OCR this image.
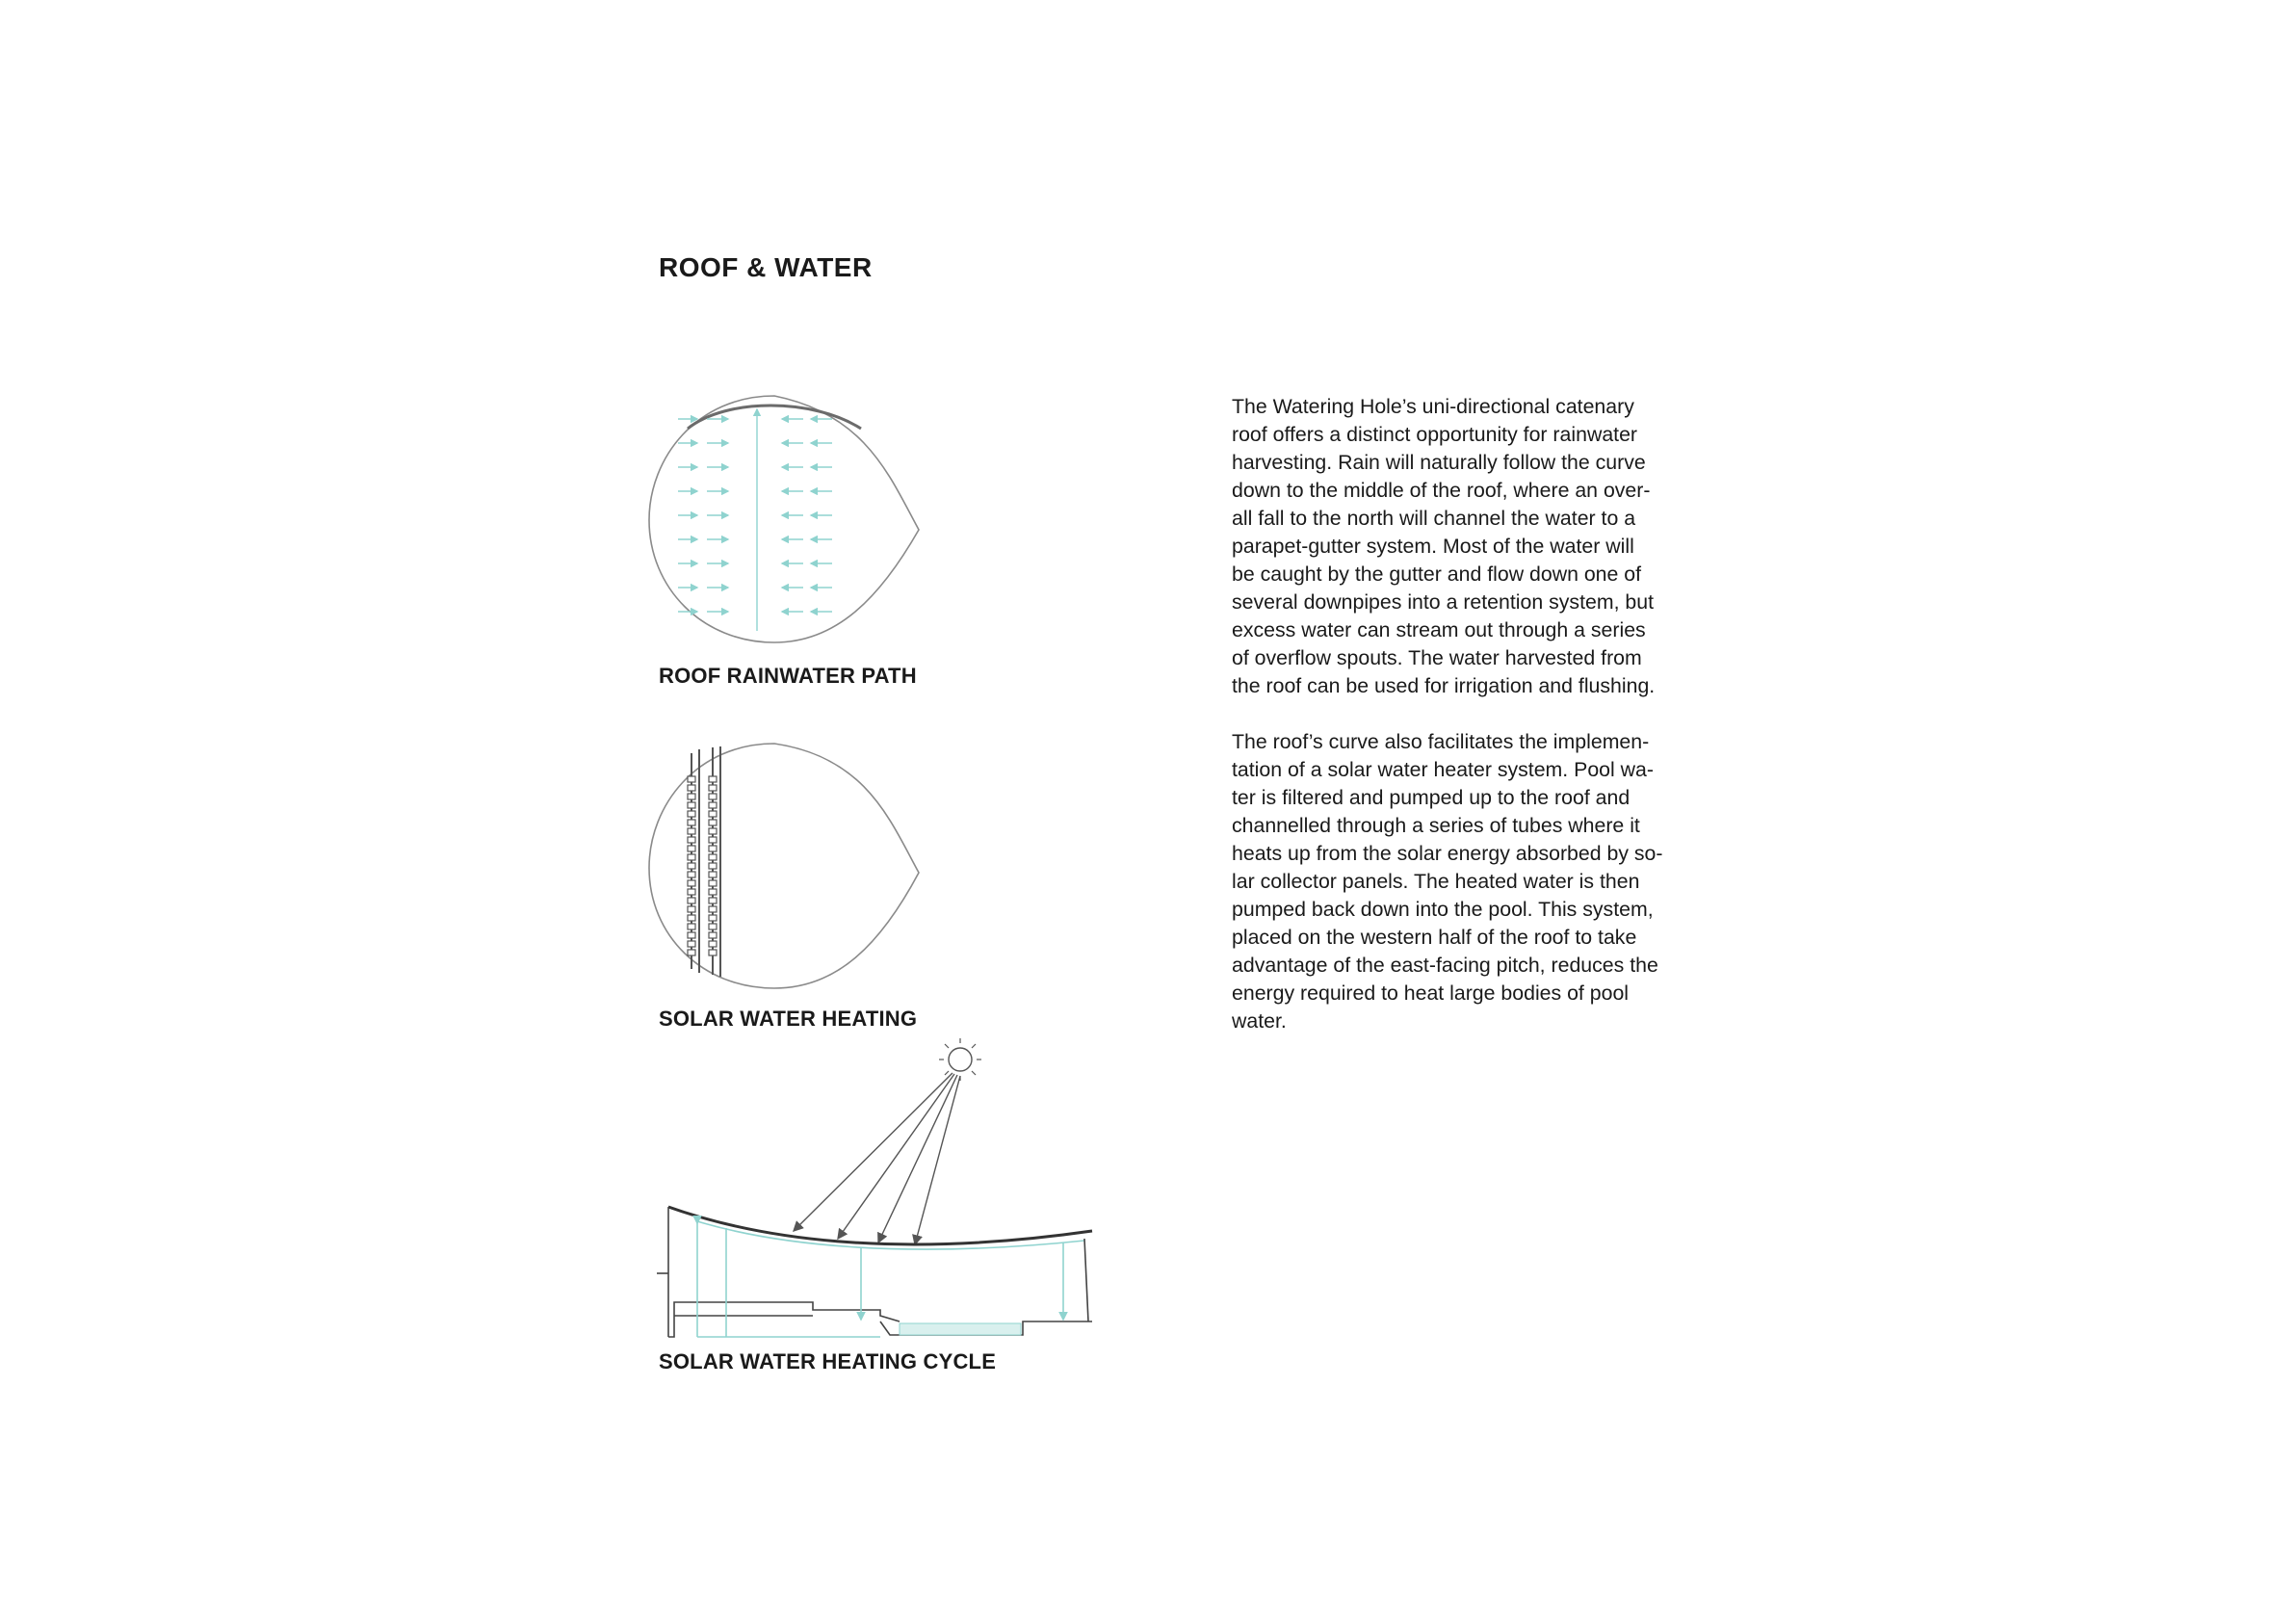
ROOF & WATER
ROOF RAINWATER PATH
SOLAR WATER HEATING
SOLAR WATER HEATING CYCLE

The Watering Hole’s uni-directional catenary
roof offers a distinct opportunity for rainwater
harvesting. Rain will naturally follow the curve
down to the middle of the roof, where an over-
all fall to the north will channel the water to a
parapet-gutter system. Most of the water will
be caught by the gutter and flow down one of
several downpipes into a retention system, but
excess water can stream out through a series
of overflow spouts. The water harvested from
the roof can be used for irrigation and flushing.

The roof’s curve also facilitates the implemen-
tation of a solar water heater system. Pool wa-
ter is filtered and pumped up to the roof and
channelled through a series of tubes where it
heats up from the solar energy absorbed by so-
lar collector panels. The heated water is then
pumped back down into the pool. This system,
placed on the western half of the roof to take
advantage of the east-facing pitch, reduces the
energy required to heat large bodies of pool
water.
